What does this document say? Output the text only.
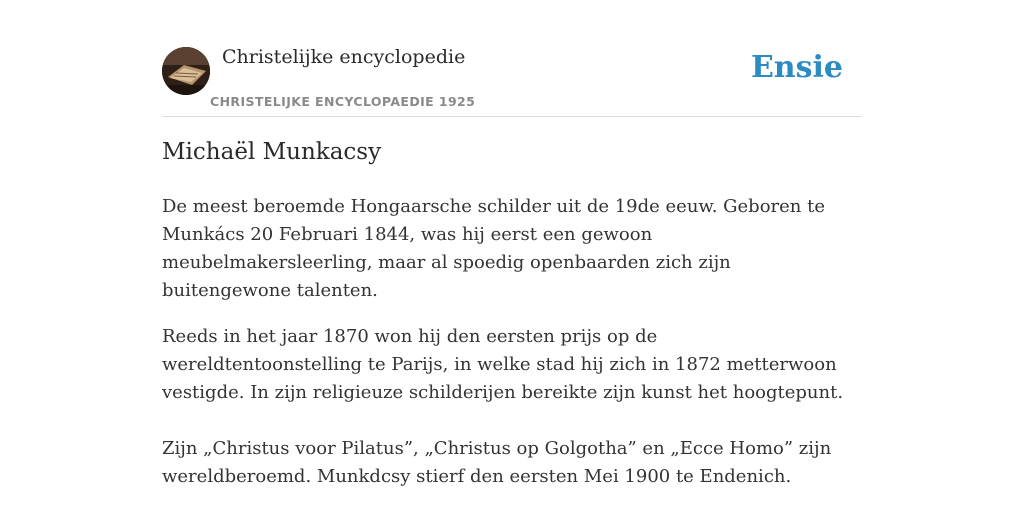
Christelijke encyclopedie
CHRISTELIJKE ENCYCLOPAEDIE 1925
Ensie
Michaël Munkacsy

De meest beroemde Hongaarsche schilder uit de 19de eeuw. Geboren te Munkács 20 Februari 1844, was hij eerst een gewoon meubelmakersleerling, maar al spoedig openbaarden zich zijn buitengewone talenten.

Reeds in het jaar 1870 won hij den eersten prijs op de wereldtentoonstelling te Parijs, in welke stad hij zich in 1872 metterwoon vestigde. In zijn religieuze schilderijen bereikte zijn kunst het hoogtepunt.

Zijn „Christus voor Pilatus”, „Christus op Golgotha” en „Ecce Homo” zijn wereldberoemd. Munkdcsy stierf den eersten Mei 1900 te Endenich.
